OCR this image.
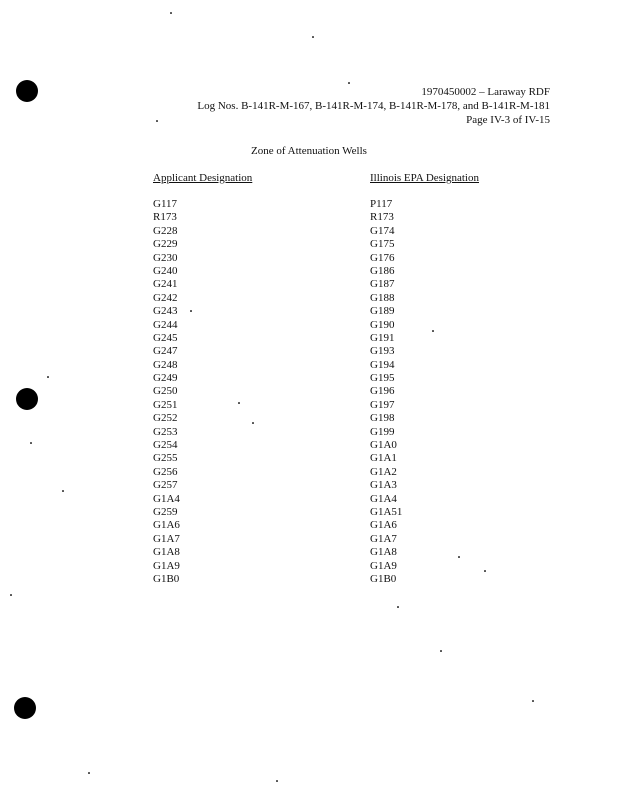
1970450002 – Laraway RDF
Log Nos. B-141R-M-167, B-141R-M-174, B-141R-M-178, and B-141R-M-181
Page IV-3 of IV-15
Zone of Attenuation Wells
Applicant Designation	Illinois EPA Designation
G117
R173
G228
G229
G230
G240
G241
G242
G243
G244
G245
G247
G248
G249
G250
G251
G252
G253
G254
G255
G256
G257
G1A4
G259
G1A6
G1A7
G1A8
G1A9
G1B0
P117
R173
G174
G175
G176
G186
G187
G188
G189
G190
G191
G193
G194
G195
G196
G197
G198
G199
G1A0
G1A1
G1A2
G1A3
G1A4
G1A51
G1A6
G1A7
G1A8
G1A9
G1B0
